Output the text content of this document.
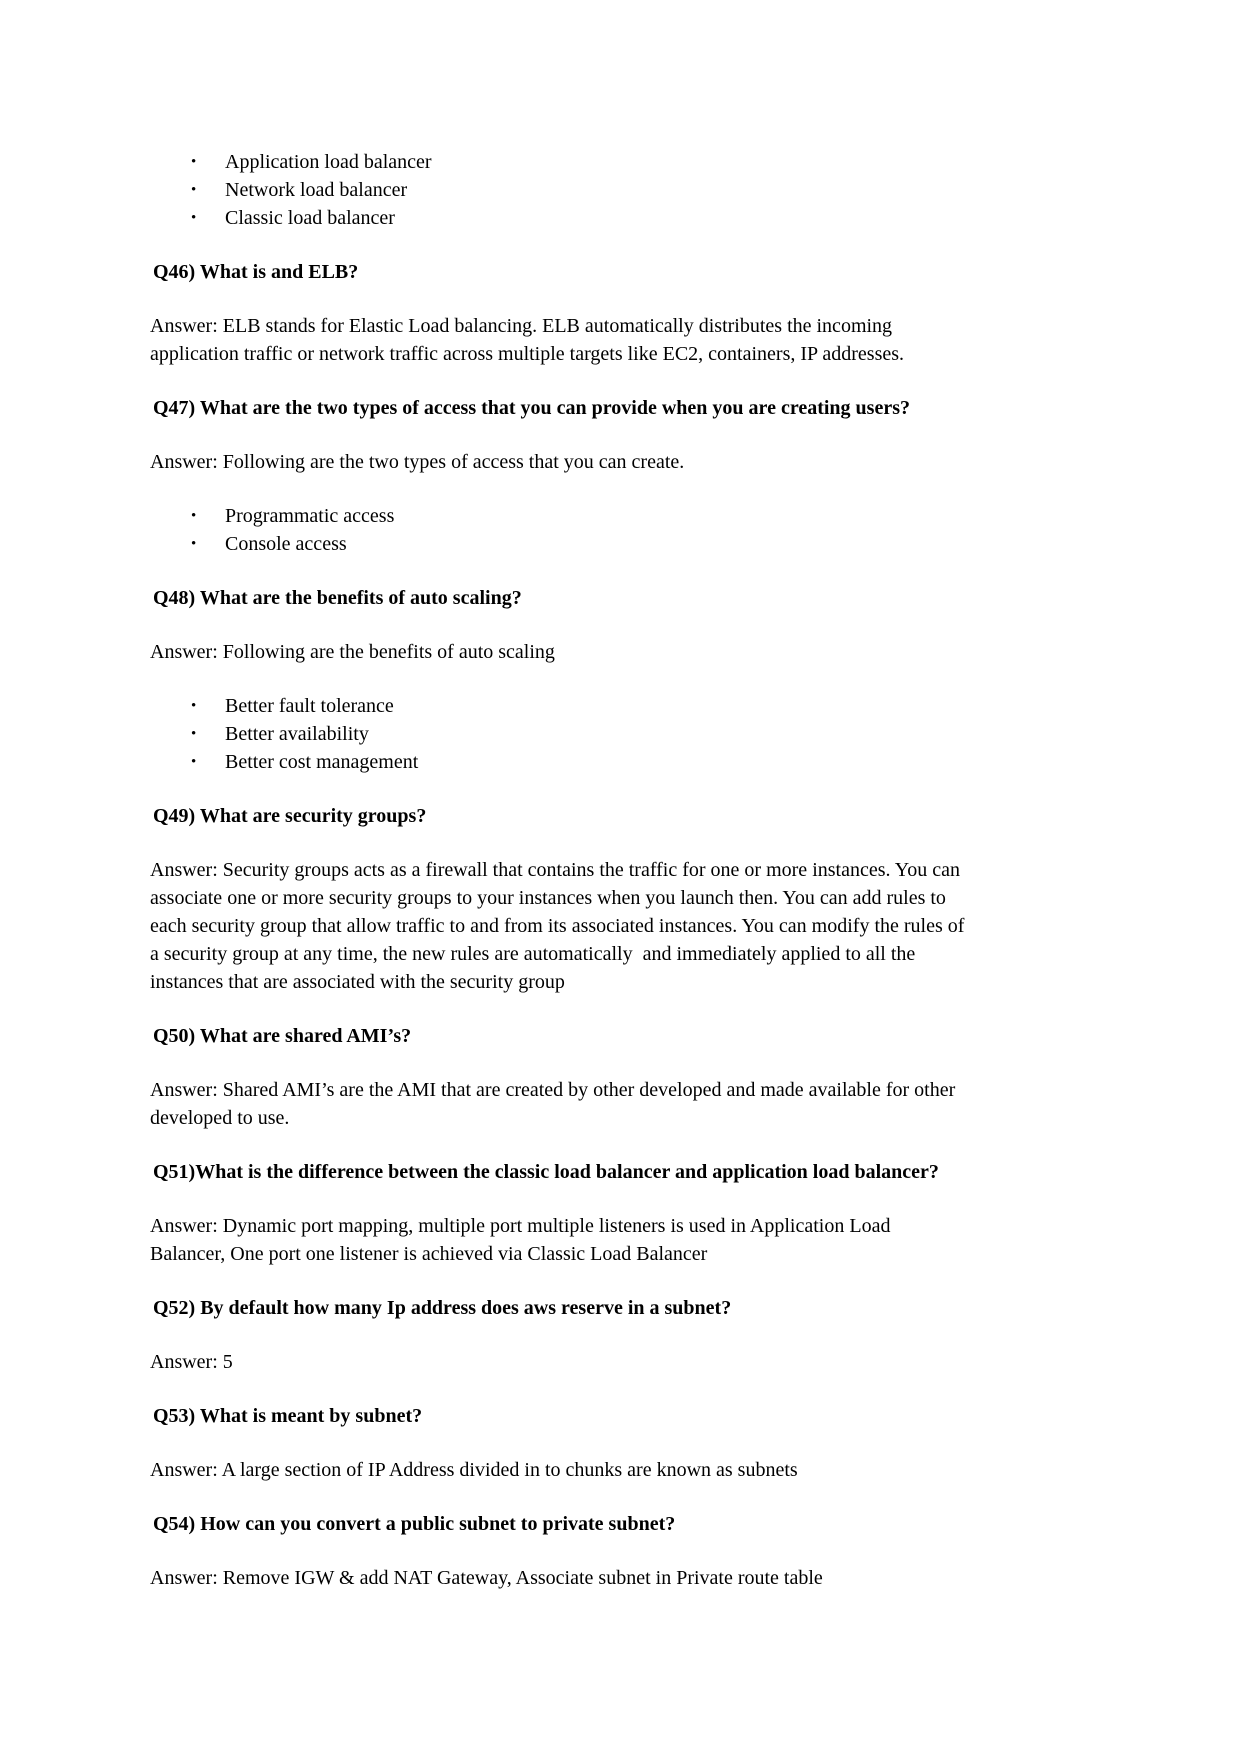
• Application load balancer
• Network load balancer
• Classic load balancer
Q46) What is and ELB?
Answer: ELB stands for Elastic Load balancing. ELB automatically distributes the incoming
application traffic or network traffic across multiple targets like EC2, containers, IP addresses.
Q47) What are the two types of access that you can provide when you are creating users?
Answer: Following are the two types of access that you can create.
• Programmatic access
• Console access
Q48) What are the benefits of auto scaling?
Answer: Following are the benefits of auto scaling
• Better fault tolerance
• Better availability
• Better cost management
Q49) What are security groups?
Answer: Security groups acts as a firewall that contains the traffic for one or more instances. You can
associate one or more security groups to your instances when you launch then. You can add rules to
each security group that allow traffic to and from its associated instances. You can modify the rules of
a security group at any time, the new rules are automatically  and immediately applied to all the
instances that are associated with the security group
Q50) What are shared AMI’s?
Answer: Shared AMI’s are the AMI that are created by other developed and made available for other
developed to use.
Q51)What is the difference between the classic load balancer and application load balancer?
Answer: Dynamic port mapping, multiple port multiple listeners is used in Application Load
Balancer, One port one listener is achieved via Classic Load Balancer
Q52) By default how many Ip address does aws reserve in a subnet?
Answer: 5
Q53) What is meant by subnet?
Answer: A large section of IP Address divided in to chunks are known as subnets
Q54) How can you convert a public subnet to private subnet?
Answer: Remove IGW & add NAT Gateway, Associate subnet in Private route table
